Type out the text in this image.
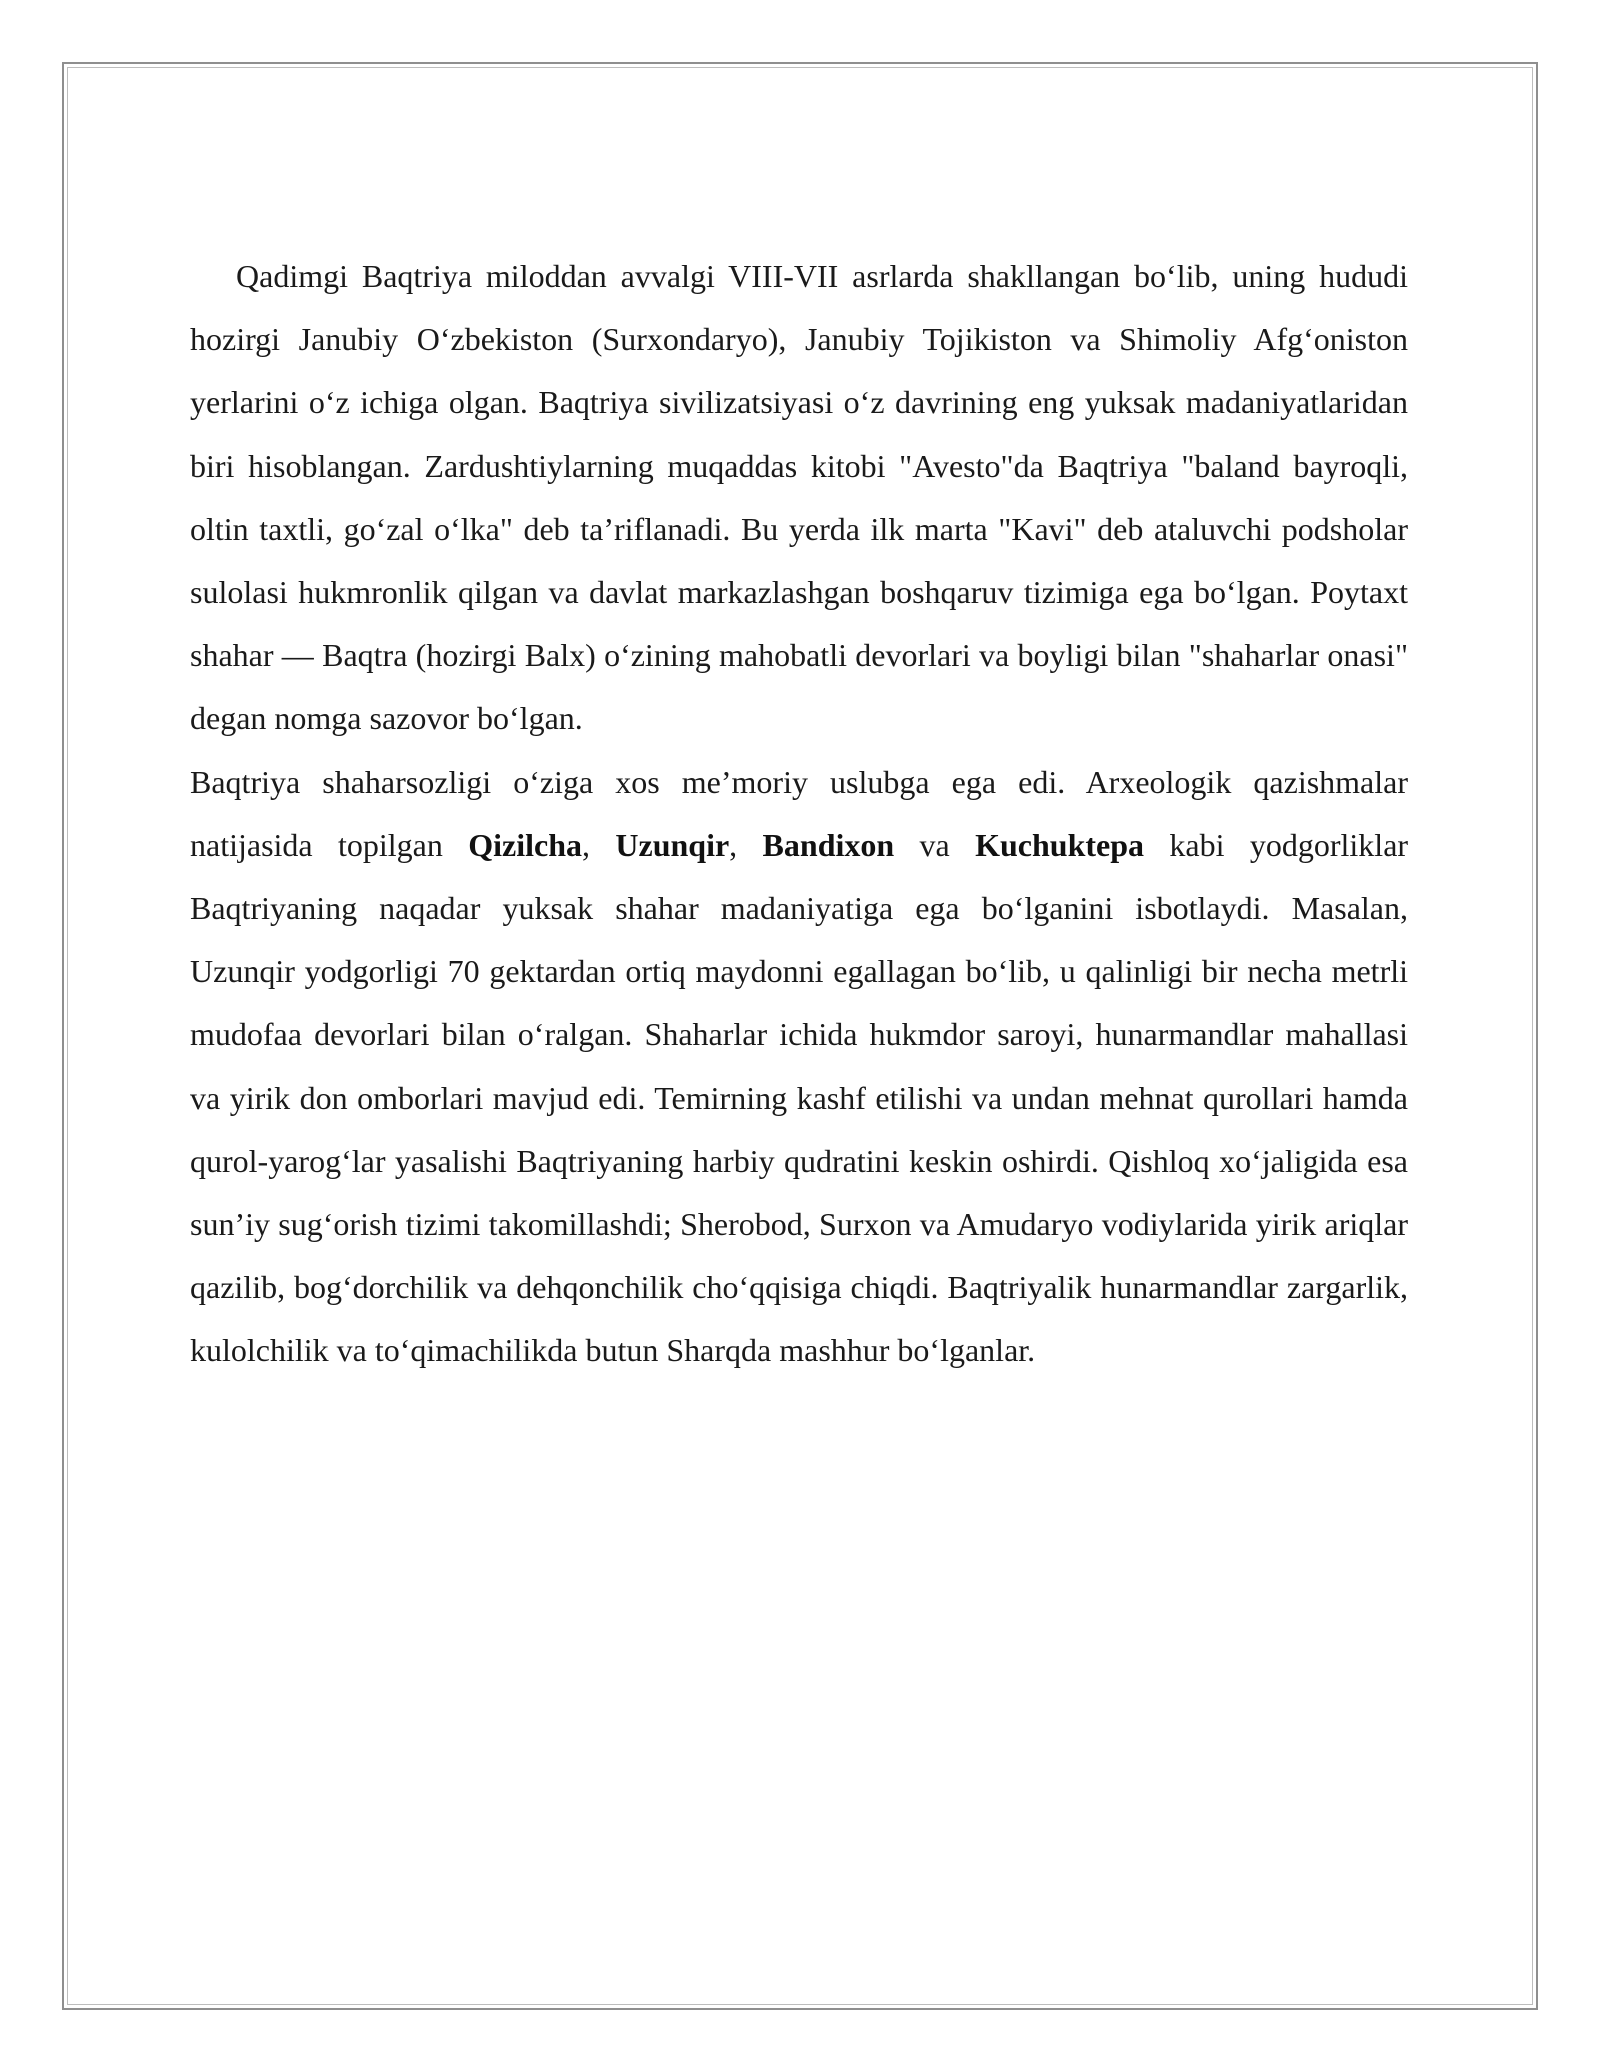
Qadimgi Baqtriya miloddan avvalgi VIII-VII asrlarda shakllangan bo‘lib, uning hududi hozirgi Janubiy O‘zbekiston (Surxondaryo), Janubiy Tojikiston va Shimoliy Afg‘oniston yerlarini o‘z ichiga olgan. Baqtriya sivilizatsiyasi o‘z davrining eng yuksak madaniyatlaridan biri hisoblangan. Zardushtiylarning muqaddas kitobi "Avesto"da Baqtriya "baland bayroqli, oltin taxtli, go‘zal o‘lka" deb ta’riflanadi. Bu yerda ilk marta "Kavi" deb ataluvchi podsholar sulolasi hukmronlik qilgan va davlat markazlashgan boshqaruv tizimiga ega bo‘lgan. Poytaxt shahar — Baqtra (hozirgi Balx) o‘zining mahobatli devorlari va boyligi bilan "shaharlar onasi" degan nomga sazovor bo‘lgan.

Baqtriya shaharsozligi o‘ziga xos me’moriy uslubga ega edi. Arxeologik qazishmalar natijasida topilgan Qizilcha, Uzunqir, Bandixon va Kuchuktepa kabi yodgorliklar Baqtriyaning naqadar yuksak shahar madaniyatiga ega bo‘lganini isbotlaydi. Masalan, Uzunqir yodgorligi 70 gektardan ortiq maydonni egallagan bo‘lib, u qalinligi bir necha metrli mudofaa devorlari bilan o‘ralgan. Shaharlar ichida hukmdor saroyi, hunarmandlar mahallasi va yirik don omborlari mavjud edi. Temirning kashf etilishi va undan mehnat qurollari hamda qurol-yarog‘lar yasalishi Baqtriyaning harbiy qudratini keskin oshirdi. Qishloq xo‘jaligida esa sun’iy sug‘orish tizimi takomillashdi; Sherobod, Surxon va Amudaryo vodiylarida yirik ariqlar qazilib, bog‘dorchilik va dehqonchilik cho‘qqisiga chiqdi. Baqtriyalik hunarmandlar zargarlik, kulolchilik va to‘qimachilikda butun Sharqda mashhur bo‘lganlar.
